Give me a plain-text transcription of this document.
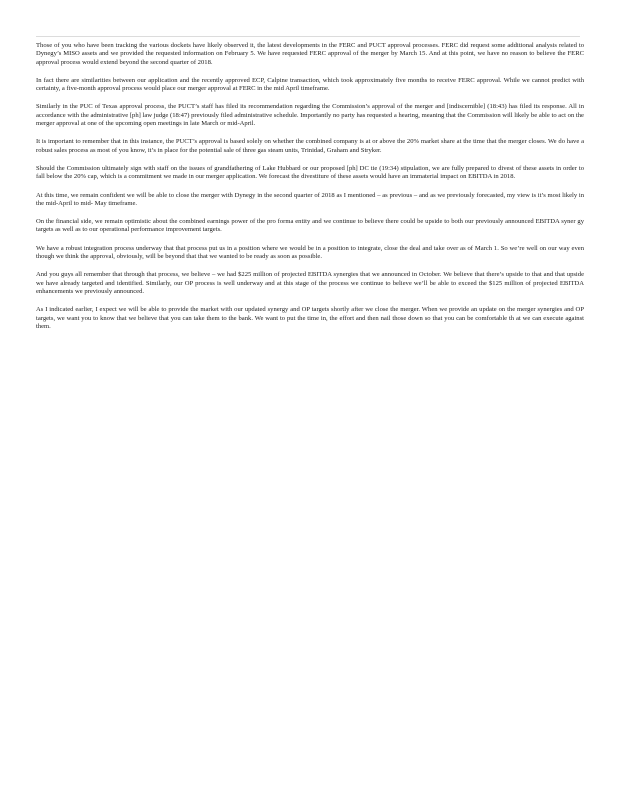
Those of you who have been tracking the various dockets have likely observed it, the latest developments in the FERC and PUCT approval processes. FERC did request some additional analysis related to Dynegy’s MISO assets and we provided the requested information on February 5. We have requested FERC approval of the merger by March 15. And at this point, we have no reason to believe the FERC approval process would extend beyond the second quarter of 2018.

In fact there are similarities between our application and the recently approved ECP, Calpine transaction, which took approximately five months to receive FERC approval. While we cannot predict with certainty, a five-month approval process would place our merger approval at FERC in the mid April timeframe.

Similarly in the PUC of Texas approval process, the PUCT’s staff has filed its recommendation regarding the Commission’s approval of the merger and [indiscernible] (18:43) has filed its response. All in accordance with the administrative [ph] law judge (18:47) previously filed administrative schedule. Importantly no party has requested a hearing, meaning that the Commission will likely be able to act on the merger approval at one of the upcoming open meetings in late March or mid-April.

It is important to remember that in this instance, the PUCT’s approval is based solely on whether the combined company is at or above the 20% market share at the time that the merger closes. We do have a robust sales process as most of you know, it’s in place for the potential sale of three gas steam units, Trinidad, Graham and Stryker.

Should the Commission ultimately sign with staff on the issues of grandfathering of Lake Hubbard or our proposed [ph] DC tie (19:34) stipulation, we are fully prepared to divest of these assets in order to fall below the 20% cap, which is a commitment we made in our merger application. We forecast the divestiture of these assets would have an immaterial impact on EBITDA in 2018.

At this time, we remain confident we will be able to close the merger with Dynegy in the second quarter of 2018 as I mentioned – as previous – and as we previously forecasted, my view is it’s most likely in the mid-April to mid- May timeframe.

On the financial side, we remain optimistic about the combined earnings power of the pro forma entity and we continue to believe there could be upside to both our previously announced EBITDA syner gy targets as well as to our operational performance improvement targets.

We have a robust integration process underway that that process put us in a position where we would be in a position to integrate, close the deal and take over as of March 1. So we’re well on our way even though we think the approval, obviously, will be beyond that that we wanted to be ready as soon as possible.

And you guys all remember that through that process, we believe – we had $225 million of projected EBITDA synergies that we announced in October. We believe that there’s upside to that and that upside we have already targeted and identified. Similarly, our OP process is well underway and at this stage of the process we continue to believe we’ll be able to exceed the $125 million of projected EBITDA enhancements we previously announced.

As I indicated earlier, I expect we will be able to provide the market with our updated synergy and OP targets shortly after we close the merger. When we provide an update on the merger synergies and OP targets, we want you to know that we believe that you can take them to the bank. We want to put the time in, the effort and then nail those down so that you can be comfortable th at we can execute against them.
